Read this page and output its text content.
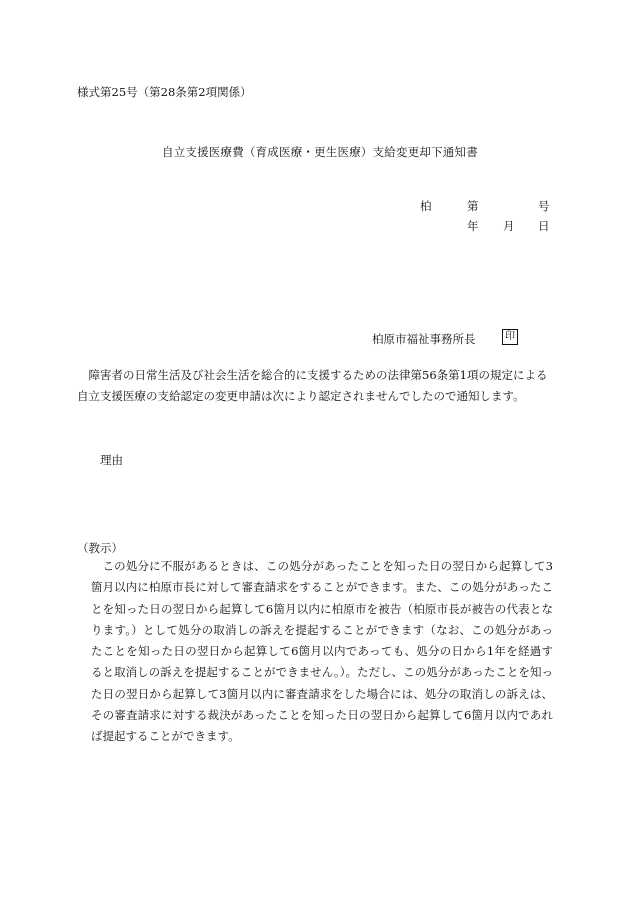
様式第25号（第28条第2項関係）
自立支援医療費（育成医療・更生医療）支給変更却下通知書
柏	第	号
年 月 日
柏原市福祉事務所長	印

障害者の日常生活及び社会生活を総合的に支援するための法律第56条第1項の規定による自立支援医療の支給認定の変更申請は次により認定されませんでしたので通知します。

理由
（教示）

この処分に不服があるときは、この処分があったことを知った日の翌日から起算して3箇月以内に柏原市長に対して審査請求をすることができます。また、この処分があったことを知った日の翌日から起算して6箇月以内に柏原市を被告（柏原市長が被告の代表となります。）として処分の取消しの訴えを提起することができます（なお、この処分があったことを知った日の翌日から起算して6箇月以内であっても、処分の日から1年を経過すると取消しの訴えを提起することができません。）。ただし、この処分があったことを知った日の翌日から起算して3箇月以内に審査請求をした場合には、処分の取消しの訴えは、その審査請求に対する裁決があったことを知った日の翌日から起算して6箇月以内であれば提起することができます。
